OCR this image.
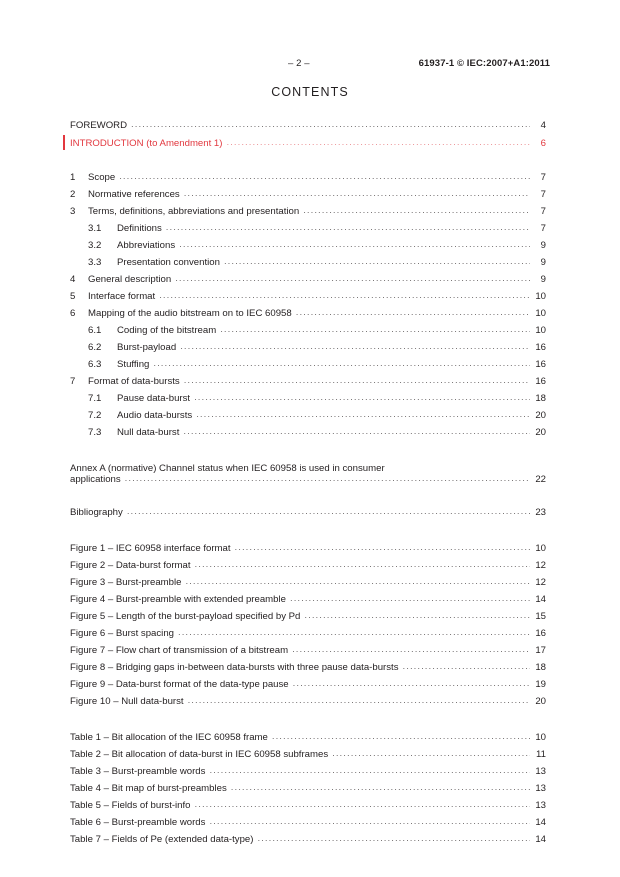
– 2 –	61937-1 © IEC:2007+A1:2011
CONTENTS
FOREWORD .....	4
INTRODUCTION (to Amendment 1) .....	6
1	Scope .....	7
2	Normative references .....	7
3	Terms, definitions, abbreviations and presentation .....	7
3.1	Definitions .....	7
3.2	Abbreviations .....	9
3.3	Presentation convention .....	9
4	General description .....	9
5	Interface format .....	10
6	Mapping of the audio bitstream on to IEC 60958 .....	10
6.1	Coding of the bitstream .....	10
6.2	Burst-payload .....	16
6.3	Stuffing .....	16
7	Format of data-bursts .....	16
7.1	Pause data-burst .....	18
7.2	Audio data-bursts .....	20
7.3	Null data-burst .....	20
Annex A (normative) Channel status when IEC 60958 is used in consumer
applications .....	22
Bibliography .....	23
Figure 1 – IEC 60958 interface format .....	10
Figure 2 – Data-burst format .....	12
Figure 3 – Burst-preamble .....	12
Figure 4 – Burst-preamble with extended preamble .....	14
Figure 5 – Length of the burst-payload specified by Pd .....	15
Figure 6 – Burst spacing .....	16
Figure 7 – Flow chart of transmission of a bitstream .....	17
Figure 8 – Bridging gaps in-between data-bursts with three pause data-bursts .....	18
Figure 9 – Data-burst format of the data-type pause .....	19
Figure 10 – Null data-burst .....	20
Table 1 – Bit allocation of the IEC 60958 frame .....	10
Table 2 – Bit allocation of data-burst in IEC 60958 subframes .....	11
Table 3 – Burst-preamble words .....	13
Table 4 – Bit map of burst-preambles .....	13
Table 5 – Fields of burst-info .....	13
Table 6 – Burst-preamble words .....	14
Table 7 – Fields of Pe (extended data-type) .....	14
